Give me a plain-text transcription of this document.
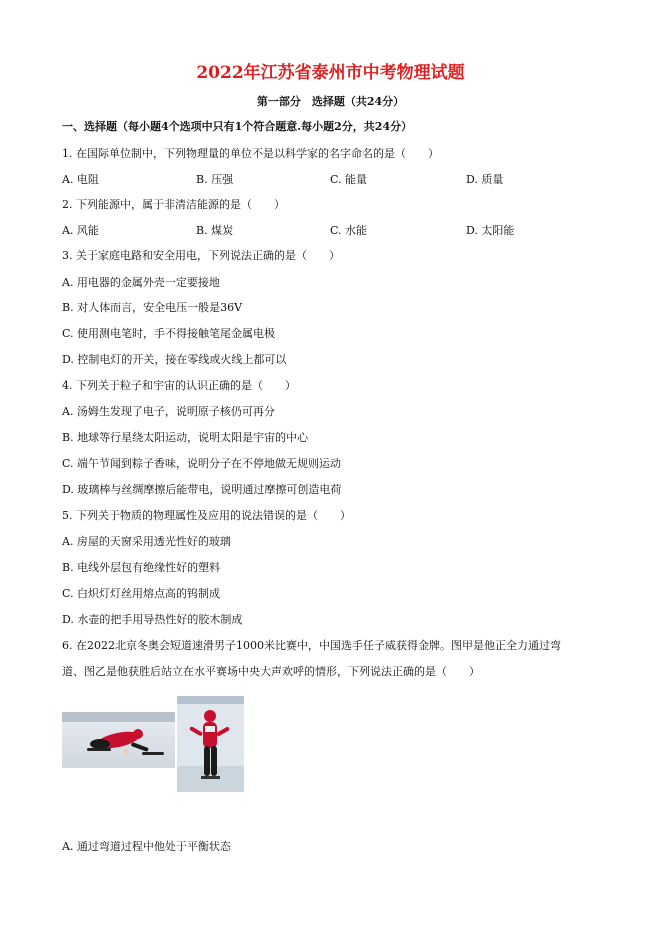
2022年江苏省泰州市中考物理试题
第一部分　选择题（共24分）
一、选择题（每小题4个选项中只有1个符合题意.每小题2分，共24分）
1. 在国际单位制中，下列物理量的单位不是以科学家的名字命名的是（　　）
A. 电阻	B. 压强	C. 能量	D. 质量
2. 下列能源中，属于非清洁能源的是（　　）
A. 风能	B. 煤炭	C. 水能	D. 太阳能
3. 关于家庭电路和安全用电，下列说法正确的是（　　）
A. 用电器的金属外壳一定要接地
B. 对人体而言，安全电压一般是36V
C. 使用测电笔时，手不得接触笔尾金属电极
D. 控制电灯的开关，接在零线或火线上都可以
4. 下列关于粒子和宇宙的认识正确的是（　　）
A. 汤姆生发现了电子，说明原子核仍可再分
B. 地球等行星绕太阳运动，说明太阳是宇宙的中心
C. 端午节闻到粽子香味，说明分子在不停地做无规则运动
D. 玻璃棒与丝绸摩擦后能带电，说明通过摩擦可创造电荷
5. 下列关于物质的物理属性及应用的说法错误的是（　　）
A. 房屋的天窗采用透光性好的玻璃
B. 电线外层包有绝缘性好的塑料
C. 白炽灯灯丝用熔点高的钨制成
D. 水壶的把手用导热性好的胶木制成
6. 在2022北京冬奥会短道速滑男子1000米比赛中，中国选手任子威获得金牌。图甲是他正全力通过弯
道、图乙是他获胜后站立在水平赛场中央大声欢呼的情形，下列说法正确的是（　　）
A. 通过弯道过程中他处于平衡状态
